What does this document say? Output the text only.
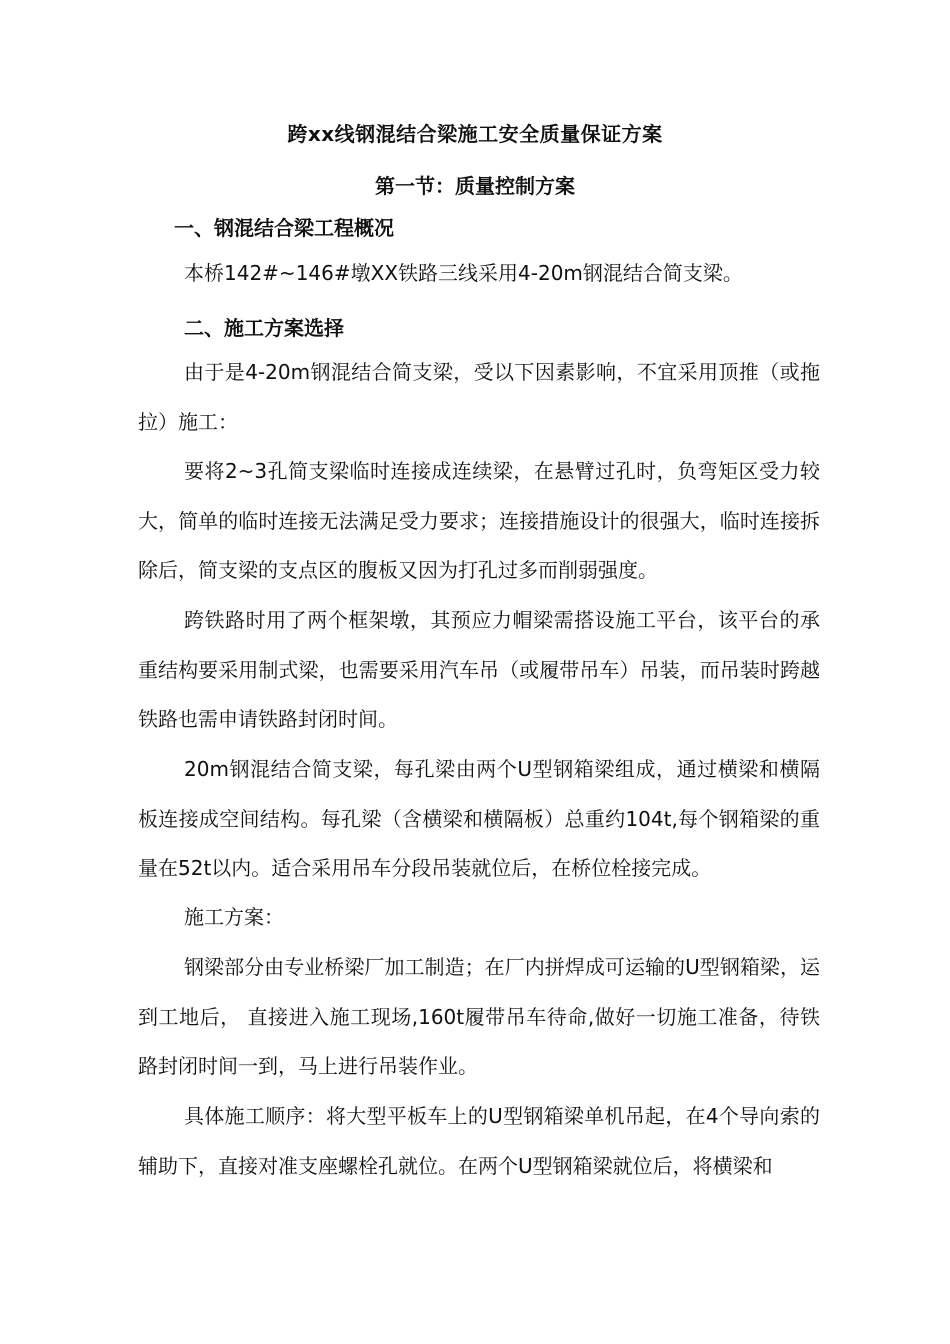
跨xx线钢混结合梁施工安全质量保证方案
第一节：质量控制方案
一、钢混结合梁工程概况

本桥142#~146#墩XX铁路三线采用4-20m钢混结合简支梁。

二、施工方案选择

由于是4-20m钢混结合简支梁，受以下因素影响，不宜采用顶推（或拖拉）施工：

要将2~3孔简支梁临时连接成连续梁，在悬臂过孔时，负弯矩区受力较大，简单的临时连接无法满足受力要求；连接措施设计的很强大，临时连接拆除后，简支梁的支点区的腹板又因为打孔过多而削弱强度。

跨铁路时用了两个框架墩，其预应力帽梁需搭设施工平台，该平台的承重结构要采用制式梁，也需要采用汽车吊（或履带吊车）吊装，而吊装时跨越铁路也需申请铁路封闭时间。

20m钢混结合简支梁，每孔梁由两个U型钢箱梁组成，通过横梁和横隔板连接成空间结构。每孔梁（含横梁和横隔板）总重约104t,每个钢箱梁的重量在52t以内。适合采用吊车分段吊装就位后，在桥位栓接完成。

施工方案：

钢梁部分由专业桥梁厂加工制造；在厂内拼焊成可运输的U型钢箱梁，运到工地后， 直接进入施工现场,160t履带吊车待命,做好一切施工准备，待铁路封闭时间一到，马上进行吊装作业。

具体施工顺序：将大型平板车上的U型钢箱梁单机吊起，在4个导向索的辅助下，直接对准支座螺栓孔就位。在两个U型钢箱梁就位后，将横梁和
